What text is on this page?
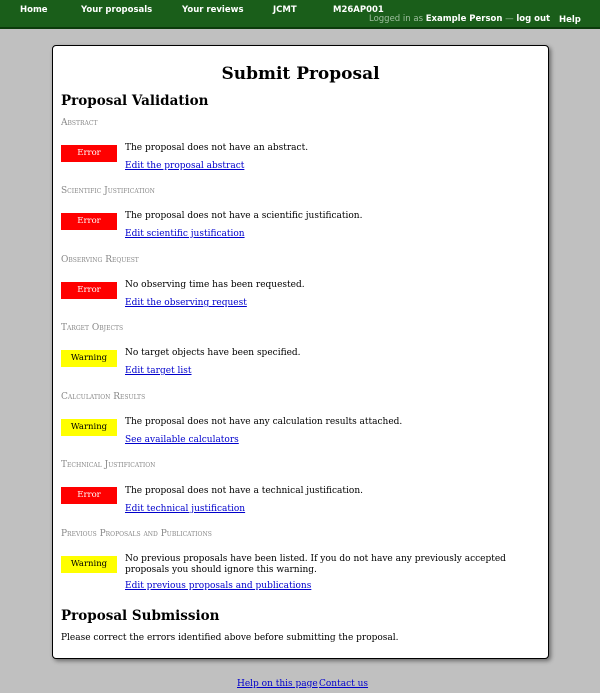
Home	Your proposals	Your reviews	JCMT	M26AP001
Logged in as Example Person — log out Help
Submit Proposal
Proposal Validation
Abstract
Error	The proposal does not have an abstract.
Edit the proposal abstract
Scientific Justification
Error	The proposal does not have a scientific justification.
Edit scientific justification
Observing Request
Error	No observing time has been requested.
Edit the observing request
Target Objects
Warning	No target objects have been specified.
Edit target list
Calculation Results
Warning	The proposal does not have any calculation results attached.
See available calculators
Technical Justification
Error	The proposal does not have a technical justification.
Edit technical justification
Previous Proposals and Publications
Warning	No previous proposals have been listed. If you do not have any previously accepted proposals you should ignore this warning.
Edit previous proposals and publications
Proposal Submission
Please correct the errors identified above before submitting the proposal.
Help on this page Contact us
